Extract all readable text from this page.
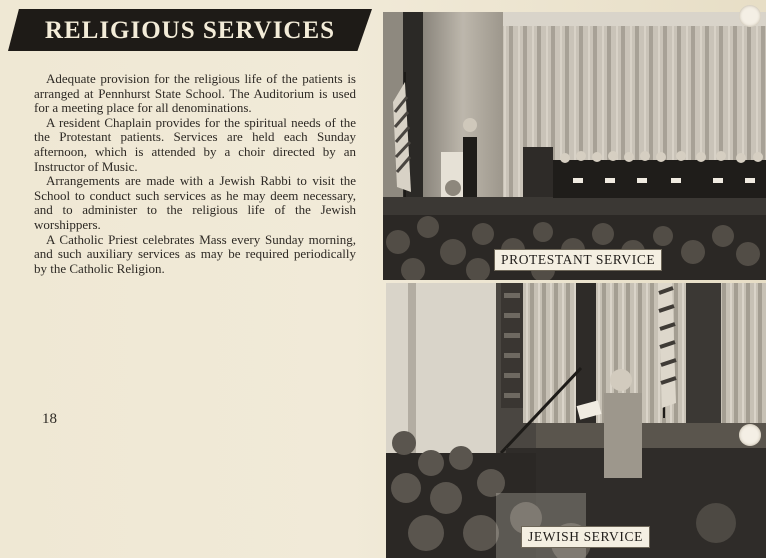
RELIGIOUS SERVICES

Adequate provision for the religious life of the patients is arranged at Pennhurst State School. The Auditorium is used for a meeting place for all denominations.

A resident Chaplain provides for the spiritual needs of the the Protestant patients. Services are held each Sunday afternoon, which is attended by a choir directed by an Instructor of Music.

Arrangements are made with a Jewish Rabbi to visit the School to conduct such services as he may deem necessary, and to administer to the religious life of the Jewish worshippers.

A Catholic Priest celebrates Mass every Sunday morning, and such auxiliary services as may be required periodically by the Catholic Religion.

18
PROTESTANT SERVICE
JEWISH SERVICE
